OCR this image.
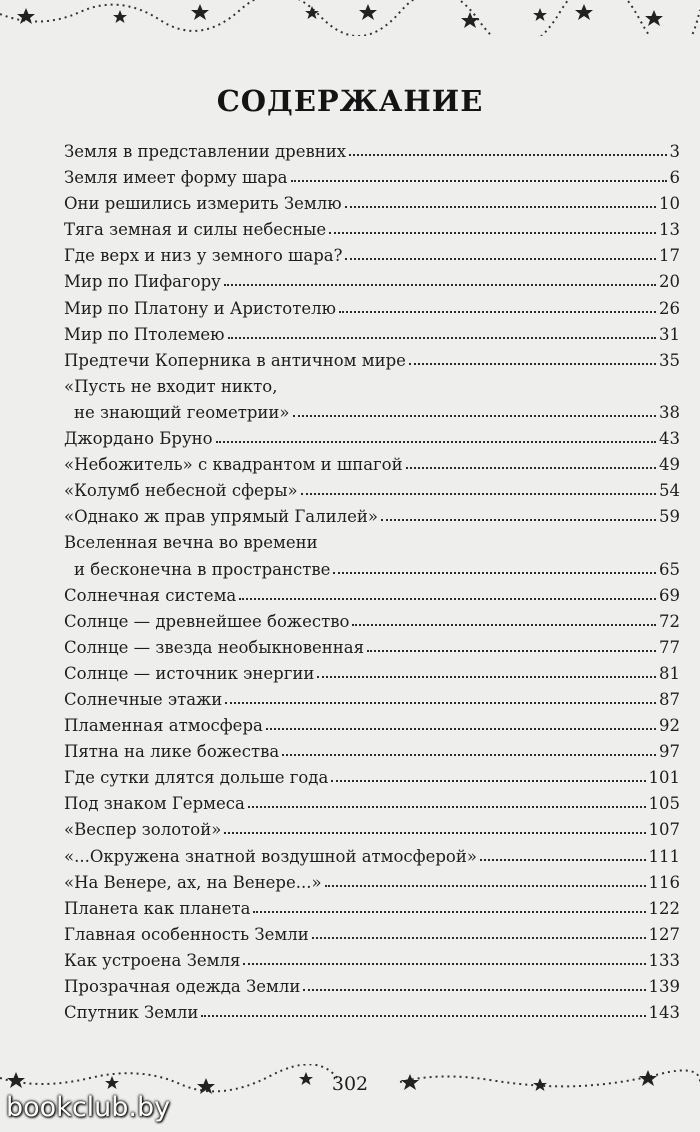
СОДЕРЖАНИЕ
Земля в представлении древних	3
Земля имеет форму шара	6
Они решились измерить Землю	10
Тяга земная и силы небесные	13
Где верх и низ у земного шара?	17
Мир по Пифагору	20
Мир по Платону и Аристотелю	26
Мир по Птолемею	31
Предтечи Коперника в античном мире	35
«Пусть не входит никто,
не знающий геометрии»	38
Джордано Бруно	43
«Небожитель» с квадрантом и шпагой	49
«Колумб небесной сферы»	54
«Однако ж прав упрямый Галилей»	59
Вселенная вечна во времени
и бесконечна в пространстве	65
Солнечная система	69
Солнце — древнейшее божество	72
Солнце — звезда необыкновенная	77
Солнце — источник энергии	81
Солнечные этажи	87
Пламенная атмосфера	92
Пятна на лике божества	97
Где сутки длятся дольше года	101
Под знаком Гермеса	105
«Веспер золотой»	107
«...Окружена знатной воздушной атмосферой»	111
«На Венере, ах, на Венере...»	116
Планета как планета	122
Главная особенность Земли	127
Как устроена Земля	133
Прозрачная одежда Земли	139
Спутник Земли	143
302
bookclub.by
